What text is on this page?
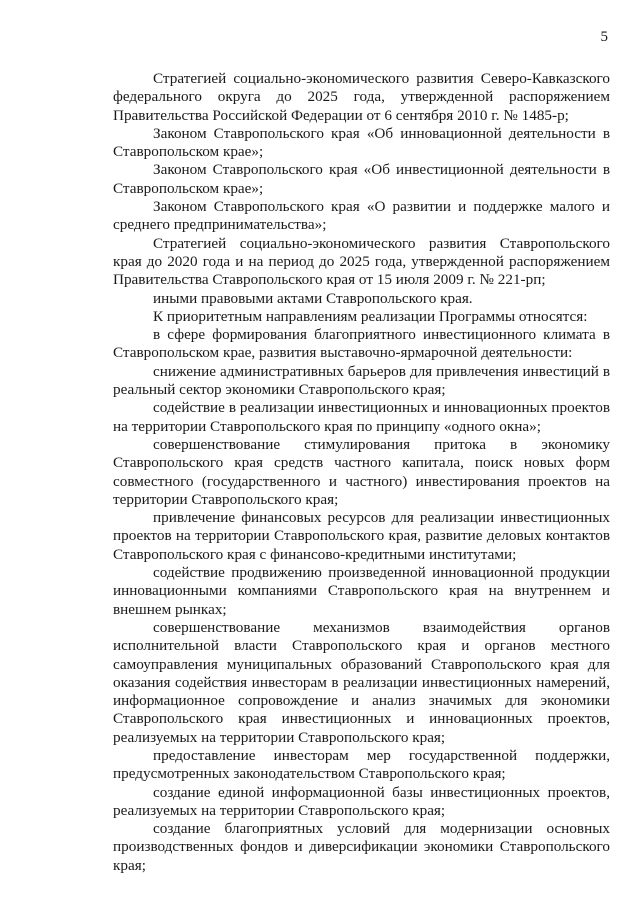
5

Стратегией социально-экономического развития Северо-Кавказского федерального округа до 2025 года, утвержденной распоряжением Правительства Российской Федерации от 6 сентября 2010 г. № 1485-р;

Законом Ставропольского края «Об инновационной деятельности в Ставропольском крае»;

Законом Ставропольского края «Об инвестиционной деятельности в Ставропольском крае»;

Законом Ставропольского края «О развитии и поддержке малого и среднего предпринимательства»;

Стратегией социально-экономического развития Ставропольского края до 2020 года и на период до 2025 года, утвержденной распоряжением Правительства Ставропольского края от 15 июля 2009 г. № 221-рп;

иными правовыми актами Ставропольского края.

К приоритетным направлениям реализации Программы относятся:

в сфере формирования благоприятного инвестиционного климата в Ставропольском крае, развития выставочно-ярмарочной деятельности:

снижение административных барьеров для привлечения инвестиций в реальный сектор экономики Ставропольского края;

содействие в реализации инвестиционных и инновационных проектов на территории Ставропольского края по принципу «одного окна»;

совершенствование стимулирования притока в экономику Ставропольского края средств частного капитала, поиск новых форм совместного (государственного и частного) инвестирования проектов на территории Ставропольского края;

привлечение финансовых ресурсов для реализации инвестиционных проектов на территории Ставропольского края, развитие деловых контактов Ставропольского края с финансово-кредитными институтами;

содействие продвижению произведенной инновационной продукции инновационными компаниями Ставропольского края на внутреннем и внешнем рынках;

совершенствование механизмов взаимодействия органов исполнительной власти Ставропольского края и органов местного самоуправления муниципальных образований Ставропольского края для оказания содействия инвесторам в реализации инвестиционных намерений, информационное сопровождение и анализ значимых для экономики Ставропольского края инвестиционных и инновационных проектов, реализуемых на территории Ставропольского края;

предоставление инвесторам мер государственной поддержки, предусмотренных законодательством Ставропольского края;

создание единой информационной базы инвестиционных проектов, реализуемых на территории Ставропольского края;

создание благоприятных условий для модернизации основных производственных фондов и диверсификации экономики Ставропольского края;
